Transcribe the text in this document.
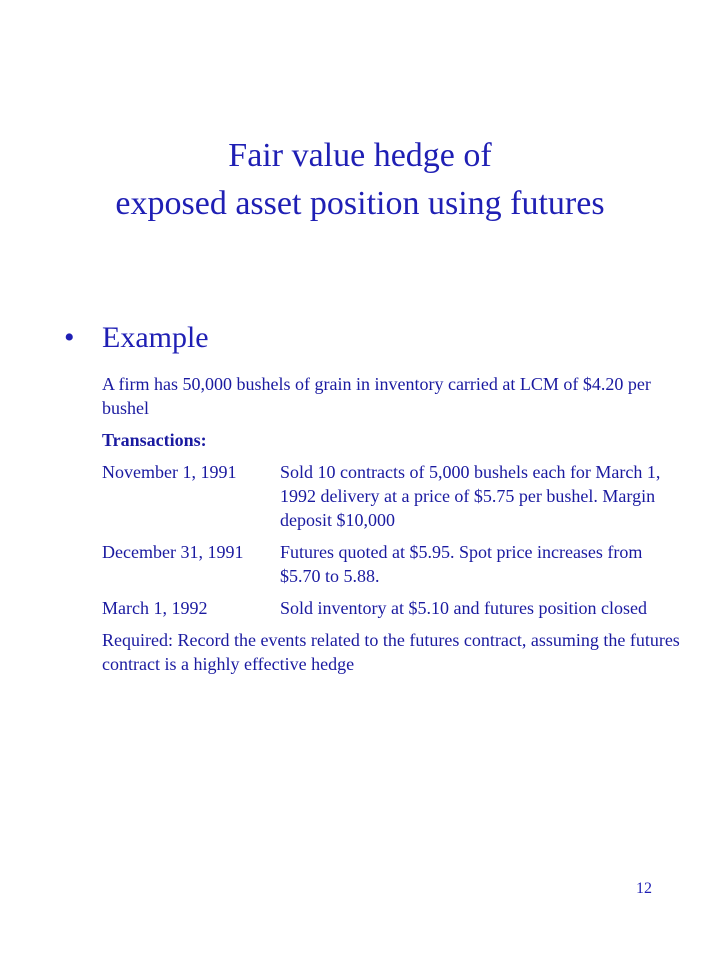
Fair value hedge of
exposed asset position using futures
• Example

A firm has 50,000 bushels of grain in inventory carried at LCM of $4.20 per bushel

Transactions:

November 1, 1991	Sold 10 contracts of 5,000 bushels each for March 1, 1992 delivery at a price of $5.75 per bushel. Margin deposit $10,000
December 31, 1991	Futures quoted at $5.95. Spot price increases from $5.70 to 5.88.
March 1, 1992	Sold inventory at $5.10 and futures position closed

Required: Record the events related to the futures contract, assuming the futures contract is a highly effective hedge

12
